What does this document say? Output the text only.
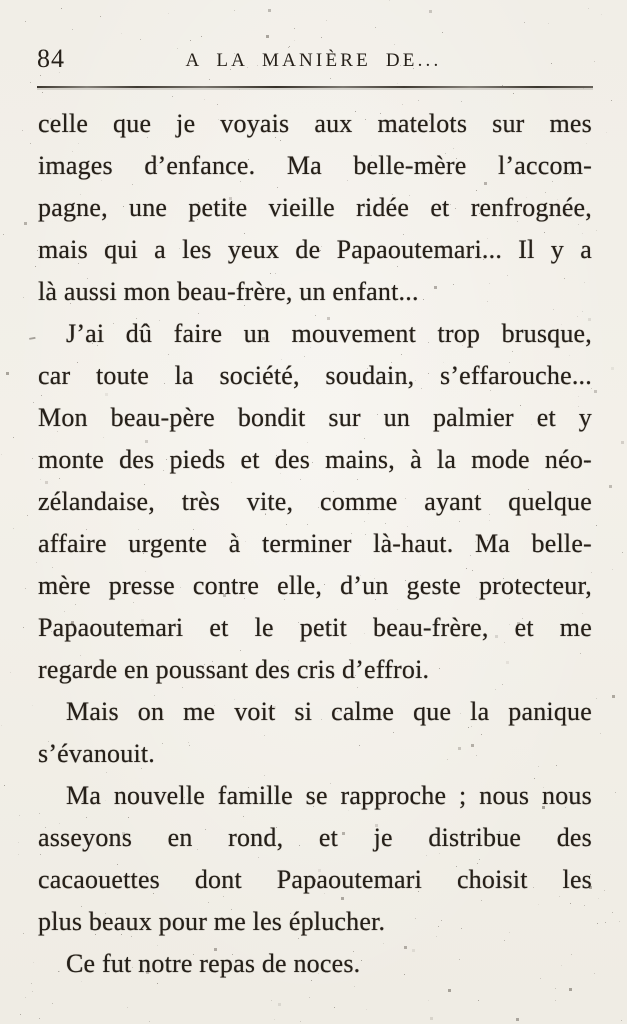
84	A LA MANIÈRE DE...
-
celle que je voyais aux matelots sur mes
images d’enfance. Ma belle-mère l’accom-
pagne, une petite vieille ridée et renfrognée,
mais qui a les yeux de Papaoutemari... Il y a
là aussi mon beau-frère, un enfant...
J’ai dû faire un mouvement trop brusque,
car toute la société, soudain, s’effarouche...
Mon beau-père bondit sur un palmier et y
monte des pieds et des mains, à la mode néo-
zélandaise, très vite, comme ayant quelque
affaire urgente à terminer là-haut. Ma belle-
mère presse contre elle, d’un geste protecteur,
Papaoutemari et le petit beau-frère, et me
regarde en poussant des cris d’effroi.
Mais on me voit si calme que la panique
s’évanouit.
Ma nouvelle famille se rapproche ; nous nous
asseyons en rond, et je distribue des
cacaouettes dont Papaoutemari choisit les
plus beaux pour me les éplucher.
Ce fut notre repas de noces.
